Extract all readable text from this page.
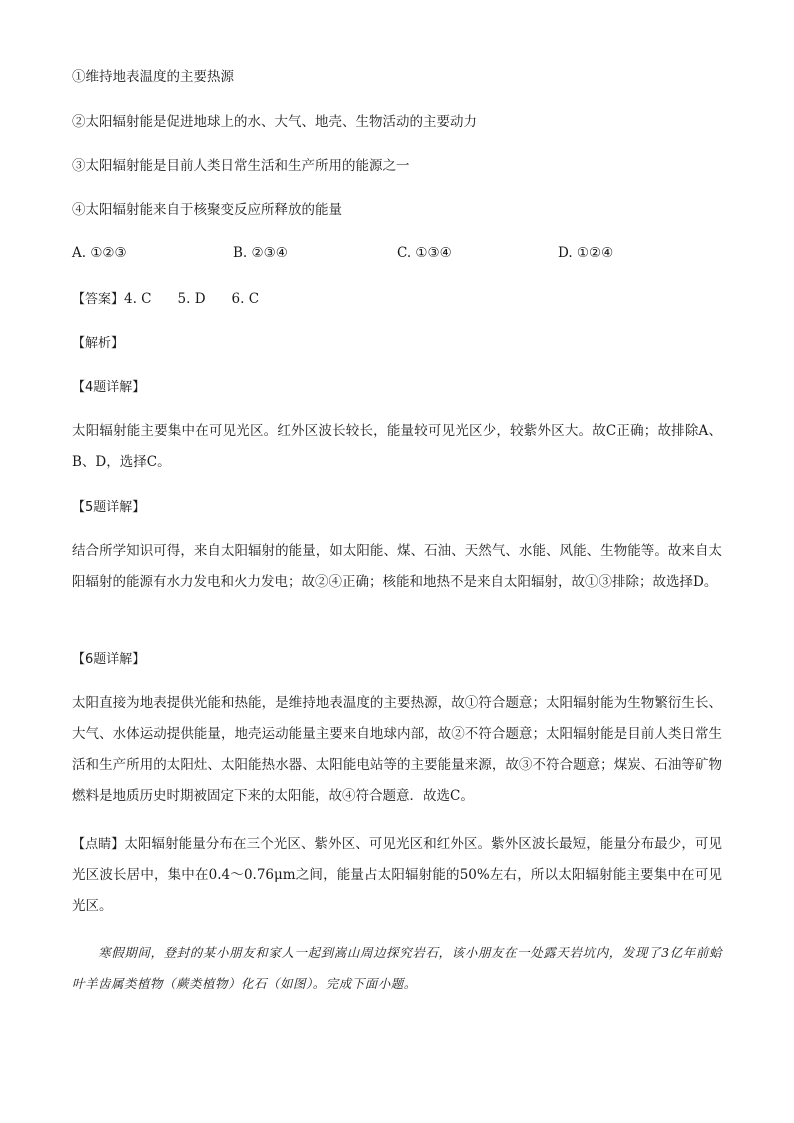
①维持地表温度的主要热源
②太阳辐射能是促进地球上的水、大气、地壳、生物活动的主要动力
③太阳辐射能是目前人类日常生活和生产所用的能源之一
④太阳辐射能来自于核聚变反应所释放的能量
A. ①②③	B. ②③④	C. ①③④	D. ①②④
【答案】4. C 5. D 6. C
【解析】
【4题详解】
太阳辐射能主要集中在可见光区。红外区波长较长，能量较可见光区少，较紫外区大。故C正确；故排除A、B、D，选择C。
【5题详解】
结合所学知识可得，来自太阳辐射的能量，如太阳能、煤、石油、天然气、水能、风能、生物能等。故来自太阳辐射的能源有水力发电和火力发电；故②④正确；核能和地热不是来自太阳辐射，故①③排除；故选择D。
【6题详解】
太阳直接为地表提供光能和热能，是维持地表温度的主要热源，故①符合题意；太阳辐射能为生物繁衍生长、大气、水体运动提供能量，地壳运动能量主要来自地球内部，故②不符合题意；太阳辐射能是目前人类日常生活和生产所用的太阳灶、太阳能热水器、太阳能电站等的主要能量来源，故③不符合题意；煤炭、石油等矿物燃料是地质历史时期被固定下来的太阳能，故④符合题意．故选C。
【点睛】太阳辐射能量分布在三个光区、紫外区、可见光区和红外区。紫外区波长最短，能量分布最少，可见光区波长居中，集中在0.4～0.76μm之间，能量占太阳辐射能的50%左右，所以太阳辐射能主要集中在可见光区。
寒假期间，登封的某小朋友和家人一起到嵩山周边探究岩石，该小朋友在一处露天岩坑内，发现了3亿年前蛤叶羊齿属类植物（蕨类植物）化石（如图）。完成下面小题。
